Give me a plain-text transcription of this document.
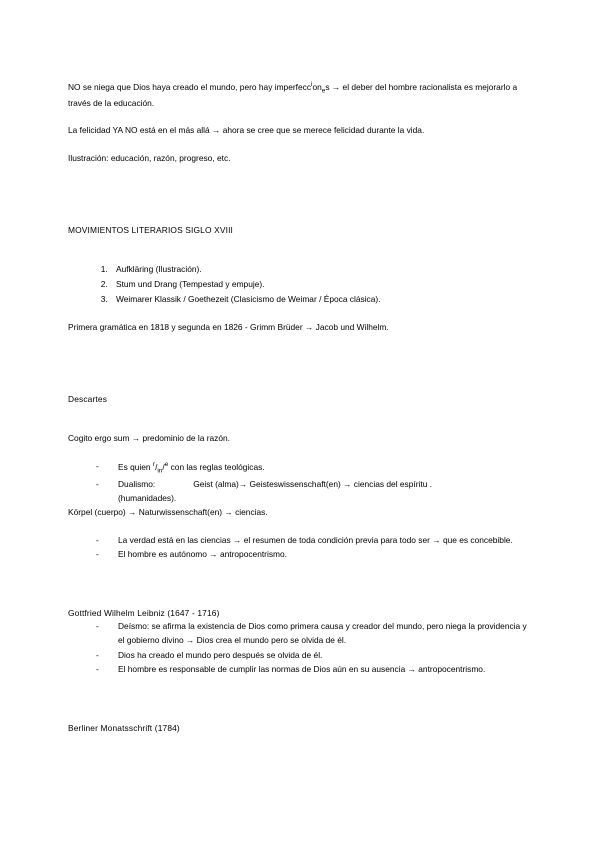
NO se niega que Dios haya creado el mundo, pero hay $imperfecc^ion_es$ → el deber del hombre racionalista es mejorarlo a través de la educación.

La felicidad YA NO está en el más allá → ahora se cree que se merece felicidad durante la vida.

Ilustración: educación, razón, progreso, etc.

MOVIMIENTOS LITERARIOS SIGLO XVIII

1. Aufkläring (Ilustración).
2. Stum und Drang (Tempestad y empuje).
3. Weimarer Klassik / Goethezeit (Clasicismo de Weimar / Época clásica).

Primera gramática en 1818 y segunda en 1826 - Grimm Brüder → Jacob und Wilhelm.

Descartes

Cogito ergo sum → predominio de la razón.

- Es quien $^r/_{in}/^e$ con las reglas teológicas.
- Dualismo:	Geist (alma)→ Geisteswissenschaft(en) → ciencias del espíritu .

(humanidades).

Körpel (cuerpo) → Naturwissenschaft(en) → ciencias.

- La verdad está en las ciencias → el resumen de toda condición previa para todo ser → que es concebible.
- El hombre es autónomo → antropocentrismo.

Gottfried Wilhelm Leibniz (1647 - 1716)

- Deísmo: se afirma la existencia de Dios como primera causa y creador del mundo, pero niega la providencia y el gobierno divino → Dios crea el mundo pero se olvida de él.
- Dios ha creado el mundo pero después se olvida de él.
- El hombre es responsable de cumplir las normas de Dios aún en su ausencia → antropocentrismo.

Berliner Monatsschrift (1784)
